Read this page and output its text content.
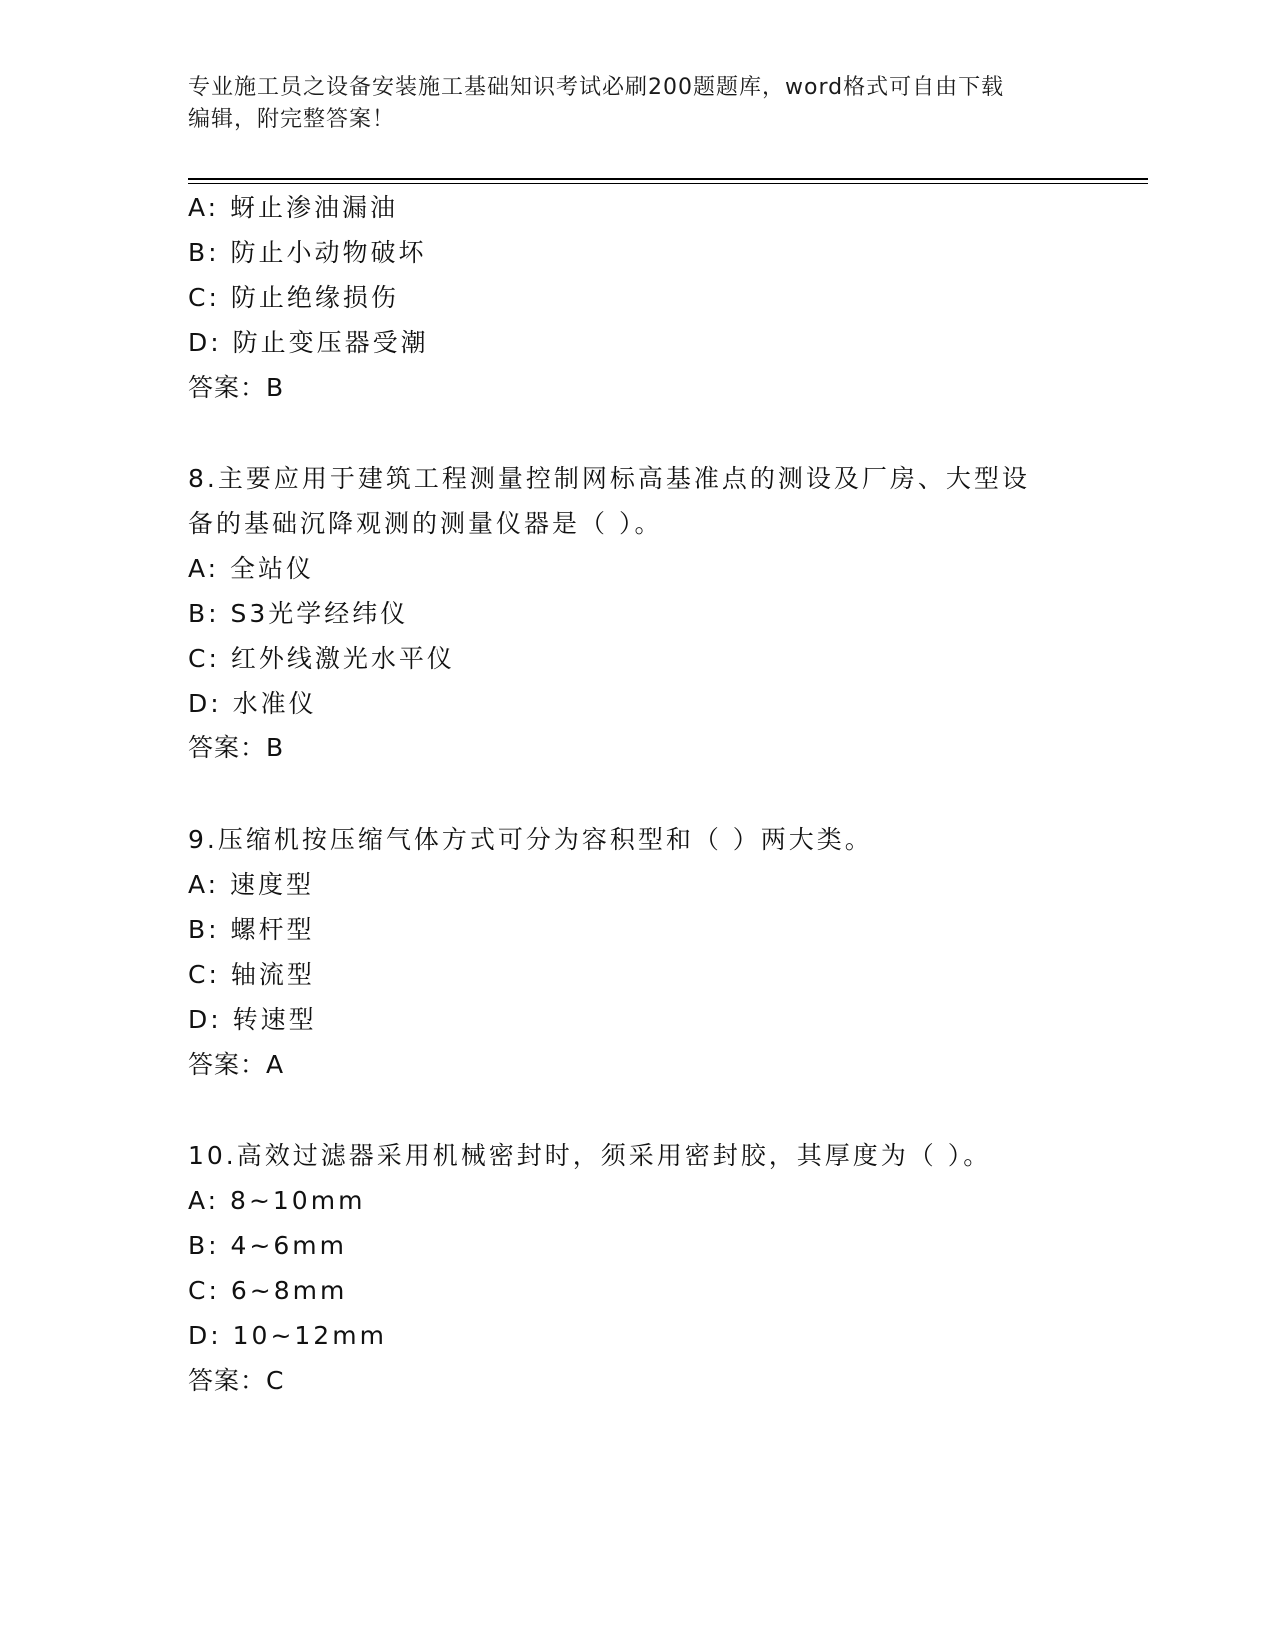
专业施工员之设备安装施工基础知识考试必刷200题题库，word格式可自由下载
编辑，附完整答案！
A: 蚜止渗油漏油
B: 防止小动物破坏
C: 防止绝缘损伤
D: 防止变压器受潮
答案：B
8.主要应用于建筑工程测量控制网标高基准点的测设及厂房、大型设
备的基础沉降观测的测量仪器是（ ）。
A: 全站仪
B: S3光学经纬仪
C: 红外线激光水平仪
D: 水准仪
答案：B
9.压缩机按压缩气体方式可分为容积型和（ ）两大类。
A: 速度型
B: 螺杆型
C: 轴流型
D: 转速型
答案：A
10.高效过滤器采用机械密封时，须采用密封胶，其厚度为（ ）。
A: 8~10mm
B: 4~6mm
C: 6~8mm
D: 10~12mm
答案：C
